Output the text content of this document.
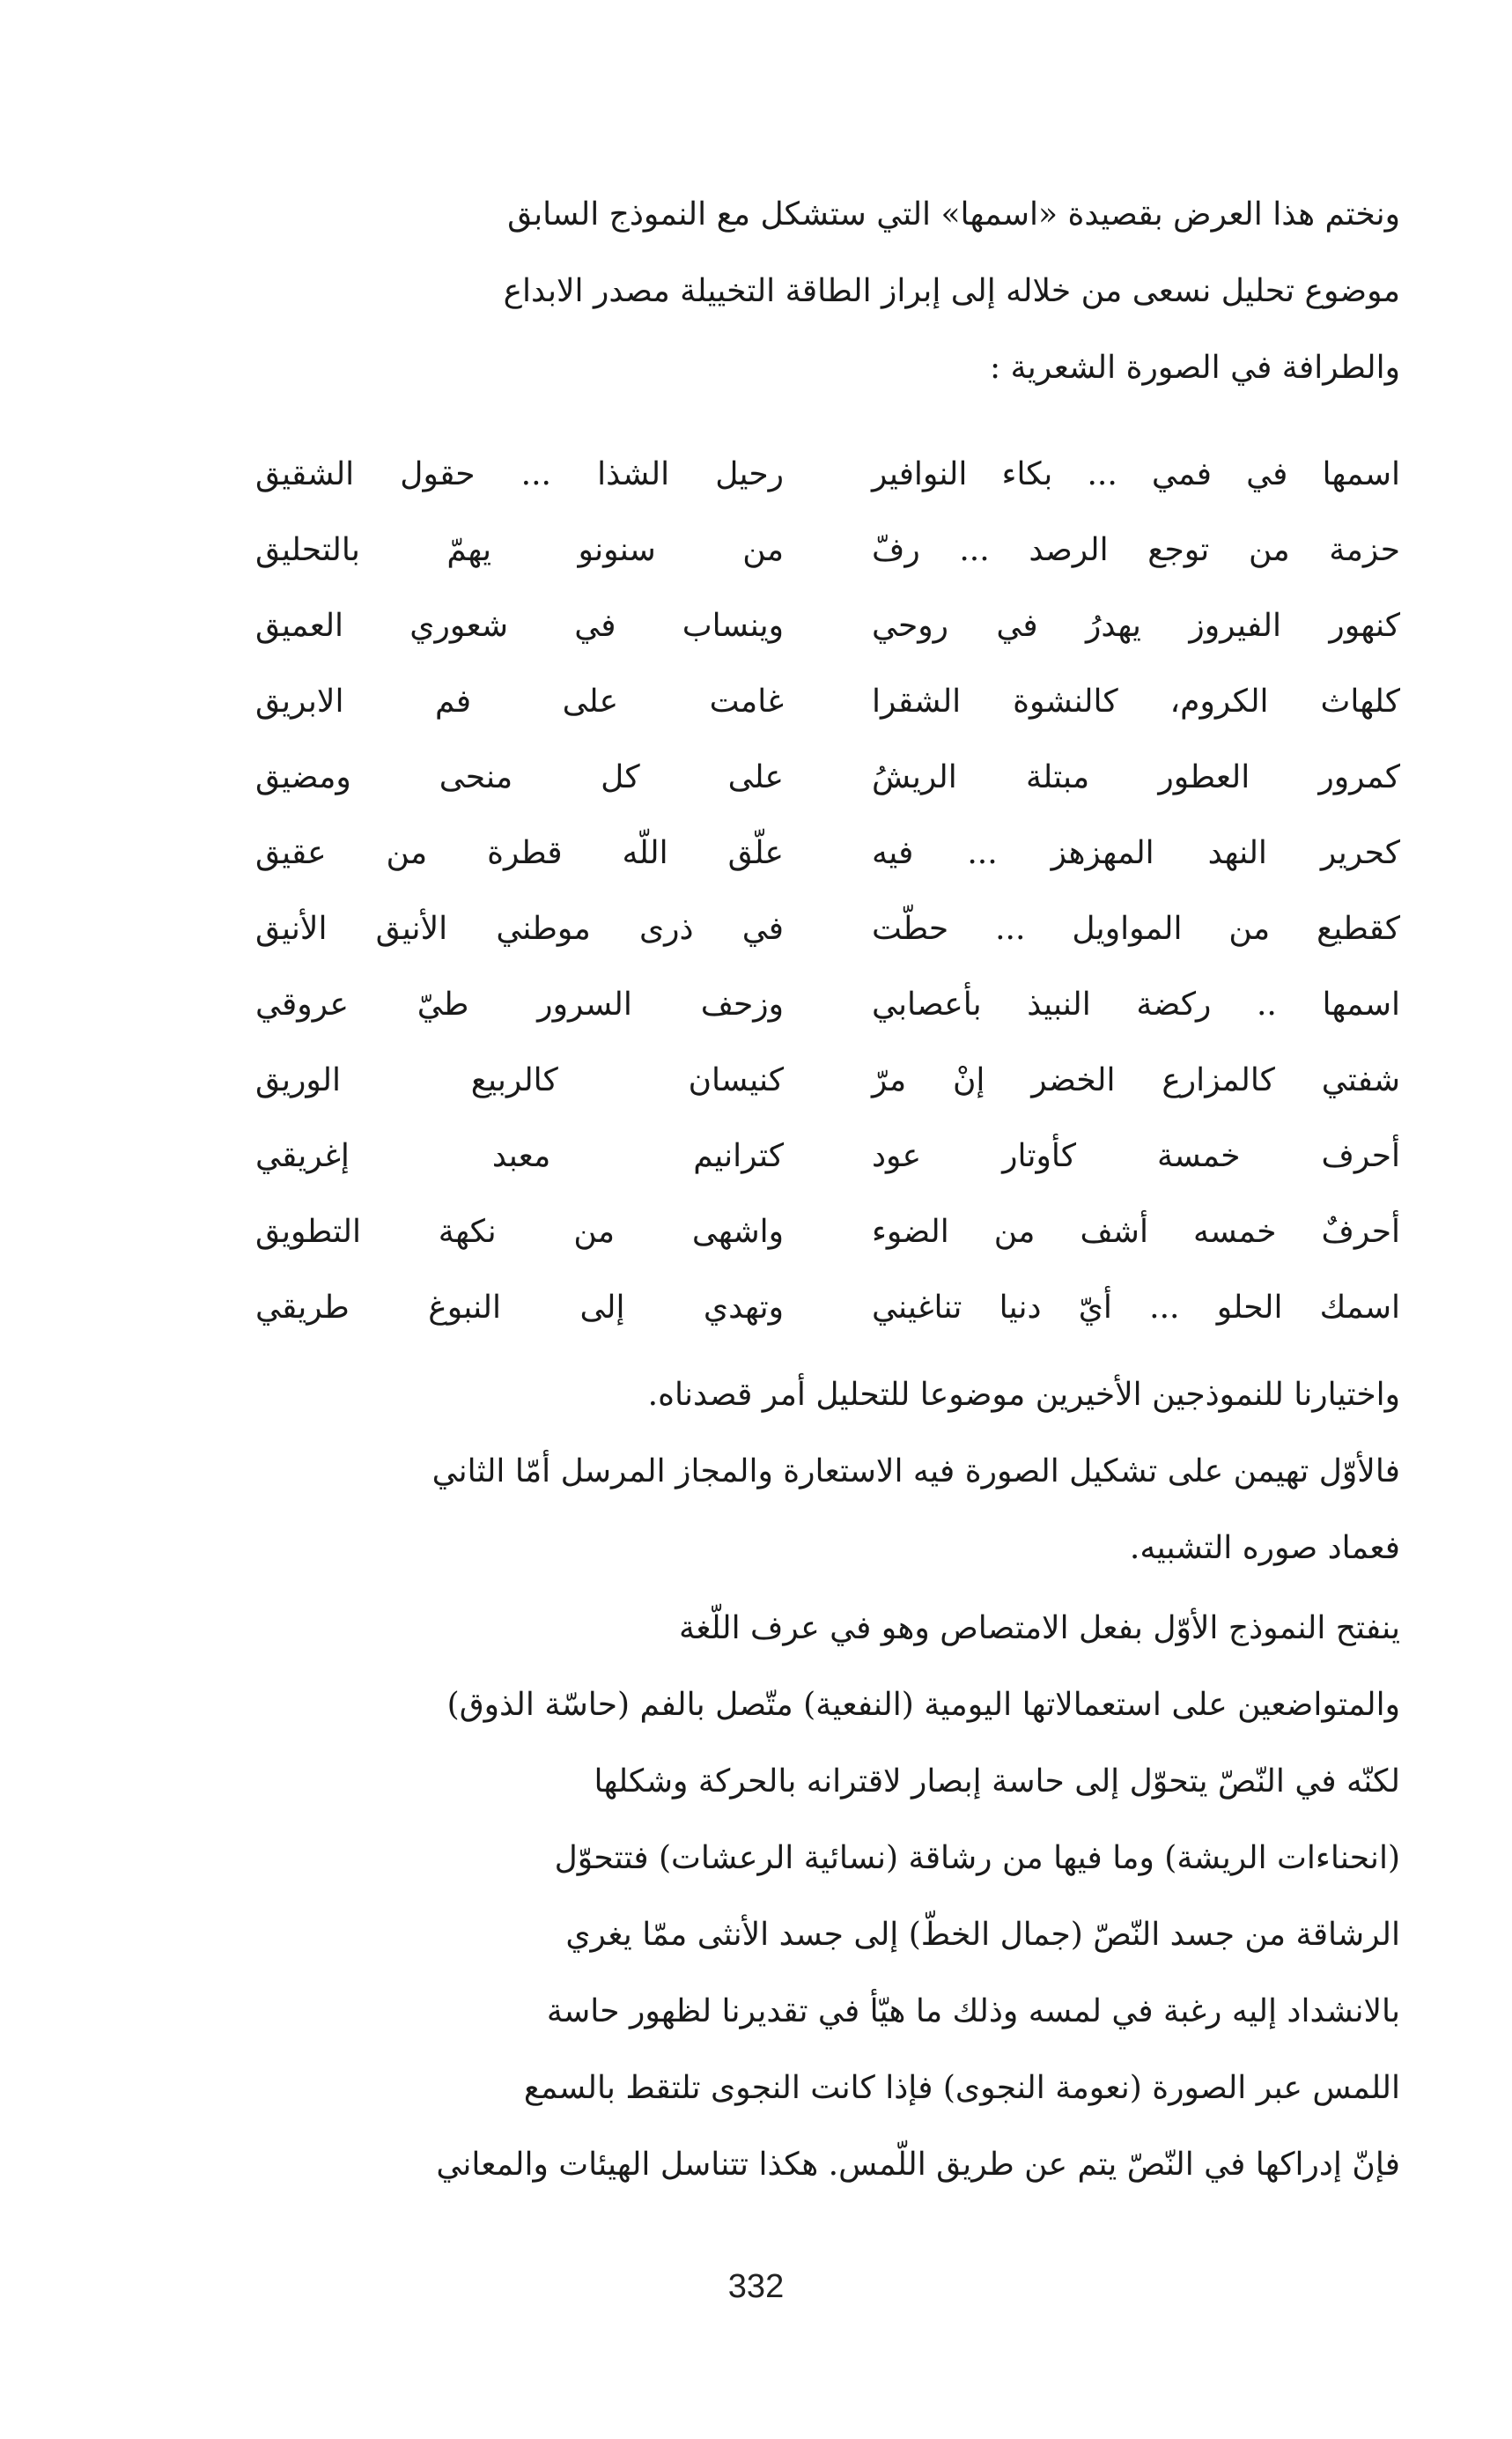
ونختم هذا العرض بقصيدة «اسمها» التي ستشكل مع النموذج السابق

موضوع تحليل نسعى من خلاله إلى إبراز الطاقة التخييلة مصدر الابداع

والطرافة في الصورة الشعرية :

اسمها في فمي ... بكاء النوافير
رحيل الشذا ... حقول الشقيق
حزمة من توجع الرصد ... رفّ
من سنونو يهمّ بالتحليق
كنهور الفيروز يهدرُ في روحي
وينساب في شعوري العميق
كلهاث الكروم، كالنشوة الشقرا
غامت على فم الابريق
كمرور العطور مبتلة الريشُ
على كل منحى ومضيق
كحرير النهد المهزهز ... فيه
علّق اللّه قطرة من عقيق
كقطيع من المواويل ... حطّت
في ذرى موطني الأنيق الأنيق
اسمها .. ركضة النبيذ بأعصابي
وزحف السرور طيّ عروقي
شفتي كالمزارع الخضر إنْ مرّ
كنيسان كالربيع الوريق
أحرف خمسة كأوتار عود
كترانيم معبد إغريقي
أحرفٌ خمسه أشف من الضوء
واشهى من نكهة التطويق
اسمك الحلو ... أيّ دنيا تناغيني
وتهدي إلى النبوغ طريقي

واختيارنا للنموذجين الأخيرين موضوعا للتحليل أمر قصدناه.

فالأوّل تهيمن على تشكيل الصورة فيه الاستعارة والمجاز المرسل أمّا الثاني

فعماد صوره التشبيه.

ينفتح النموذج الأوّل بفعل الامتصاص وهو في عرف اللّغة

والمتواضعين على استعمالاتها اليومية (النفعية) متّصل بالفم (حاسّة الذوق)

لكنّه في النّصّ يتحوّل إلى حاسة إبصار لاقترانه بالحركة وشكلها

(انحناءات الريشة) وما فيها من رشاقة (نسائية الرعشات) فتتحوّل

الرشاقة من جسد النّصّ (جمال الخطّ) إلى جسد الأنثى ممّا يغري

بالانشداد إليه رغبة في لمسه وذلك ما هيّأ في تقديرنا لظهور حاسة

اللمس عبر الصورة (نعومة النجوى) فإذا كانت النجوى تلتقط بالسمع

فإنّ إدراكها في النّصّ يتم عن طريق اللّمس. هكذا تتناسل الهيئات والمعاني

332
